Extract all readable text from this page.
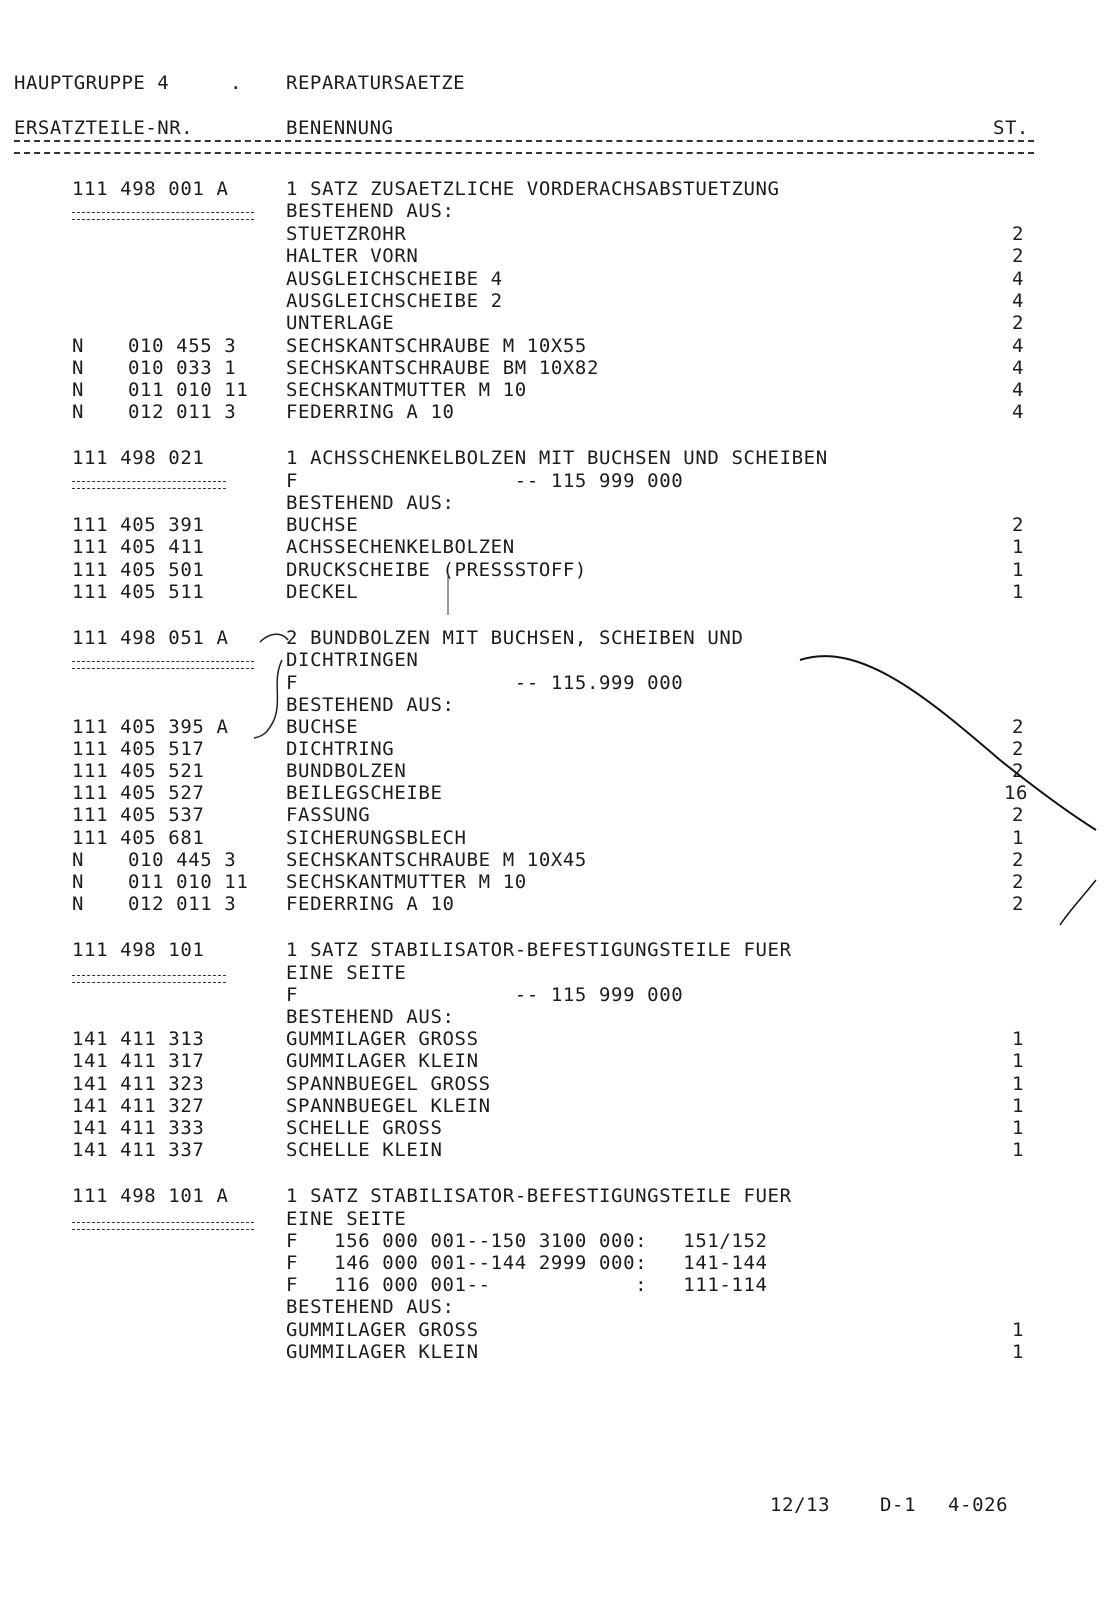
HAUPTGRUPPE 4	. REPARATURSAETZE
ERSATZTEILE-NR.	BENENNUNG	ST.
111 498 001 A	1 SATZ ZUSAETZLICHE VORDERACHSABSTUETZUNG
BESTEHEND AUS:
STUETZROHR	2
HALTER VORN	2
AUSGLEICHSCHEIBE 4	4
AUSGLEICHSCHEIBE 2	4
UNTERLAGE	2
N 010 455 3	SECHSKANTSCHRAUBE M 10X55	4
N 010 033 1	SECHSKANTSCHRAUBE BM 10X82	4
N 011 010 11 SECHSKANTMUTTER M 10	4
N 012 011 3	FEDERRING A 10	4
111 498 021	1 ACHSSCHENKELBOLZEN MIT BUCHSEN UND SCHEIBEN
F                  -- 115 999 000
BESTEHEND AUS:
111 405 391	BUCHSE	2
111 405 411	ACHSSECHENKELBOLZEN	1
111 405 501	DRUCKSCHEIBE (PRESSSTOFF)	1
111 405 511	DECKEL	1
111 498 051 A	2 BUNDBOLZEN MIT BUCHSEN, SCHEIBEN UND
DICHTRINGEN
F                  -- 115.999 000
BESTEHEND AUS:
111 405 395 A	BUCHSE	2
111 405 517	DICHTRING	2
111 405 521	BUNDBOLZEN	2
111 405 527	BEILEGSCHEIBE	16
111 405 537	FASSUNG	2
111 405 681	SICHERUNGSBLECH	1
N 010 445 3	SECHSKANTSCHRAUBE M 10X45	2
N 011 010 11 SECHSKANTMUTTER M 10	2
N 012 011 3	FEDERRING A 10	2
111 498 101	1 SATZ STABILISATOR-BEFESTIGUNGSTEILE FUER
EINE SEITE
F                  -- 115 999 000
BESTEHEND AUS:
141 411 313	GUMMILAGER GROSS	1
141 411 317	GUMMILAGER KLEIN	1
141 411 323	SPANNBUEGEL GROSS	1
141 411 327	SPANNBUEGEL KLEIN	1
141 411 333	SCHELLE GROSS	1
141 411 337	SCHELLE KLEIN	1
111 498 101 A	1 SATZ STABILISATOR-BEFESTIGUNGSTEILE FUER
EINE SEITE
F   156 000 001--150 3100 000:   151/152
F   146 000 001--144 2999 000:   141-144
F   116 000 001--            :   111-114
BESTEHEND AUS:
GUMMILAGER GROSS	1
GUMMILAGER KLEIN	1
12/13	D-1 4-026
